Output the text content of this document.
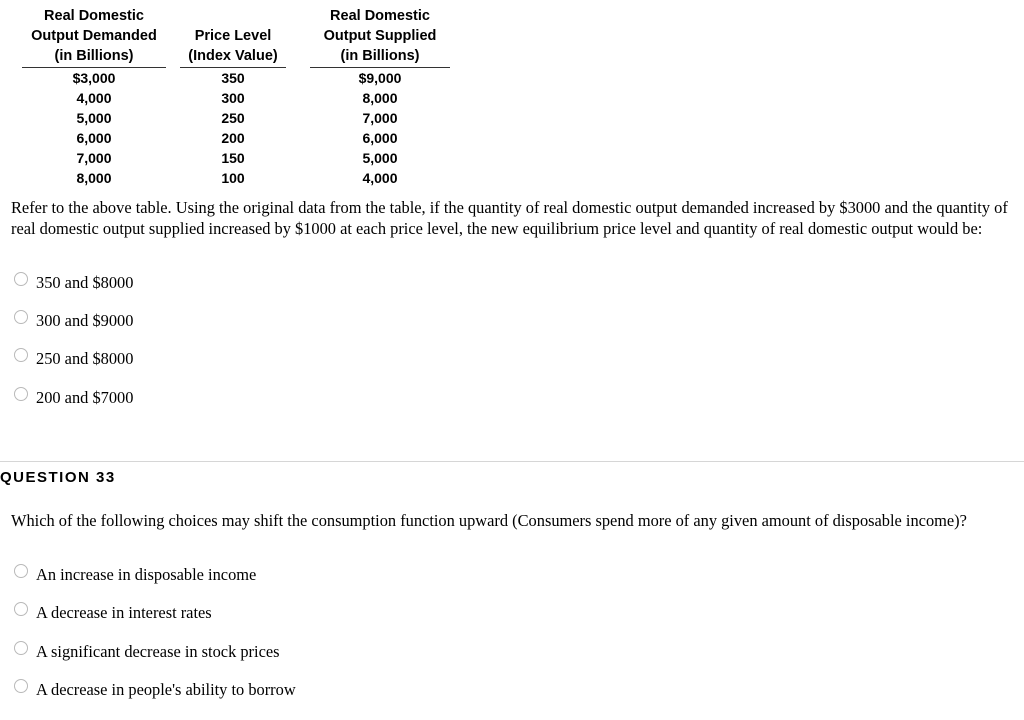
Real Domestic
Output Demanded
(in Billions)
$3,000
4,000
5,000
6,000
7,000
8,000

Price Level
(Index Value)
350
300
250
200
150
100
Real Domestic
Output Supplied
(in Billions)
$9,000
8,000
7,000
6,000
5,000
4,000
Refer to the above table. Using the original data from the table, if the quantity of real domestic output demanded increased by $3000 and the quantity of real domestic output supplied increased by $1000 at each price level, the new equilibrium price level and quantity of real domestic output would be:
350 and $8000
300 and $9000
250 and $8000
200 and $7000
QUESTION 33
Which of the following choices may shift the consumption function upward (Consumers spend more of any given amount of disposable income)?
An increase in disposable income
A decrease in interest rates
A significant decrease in stock prices
A decrease in people's ability to borrow
